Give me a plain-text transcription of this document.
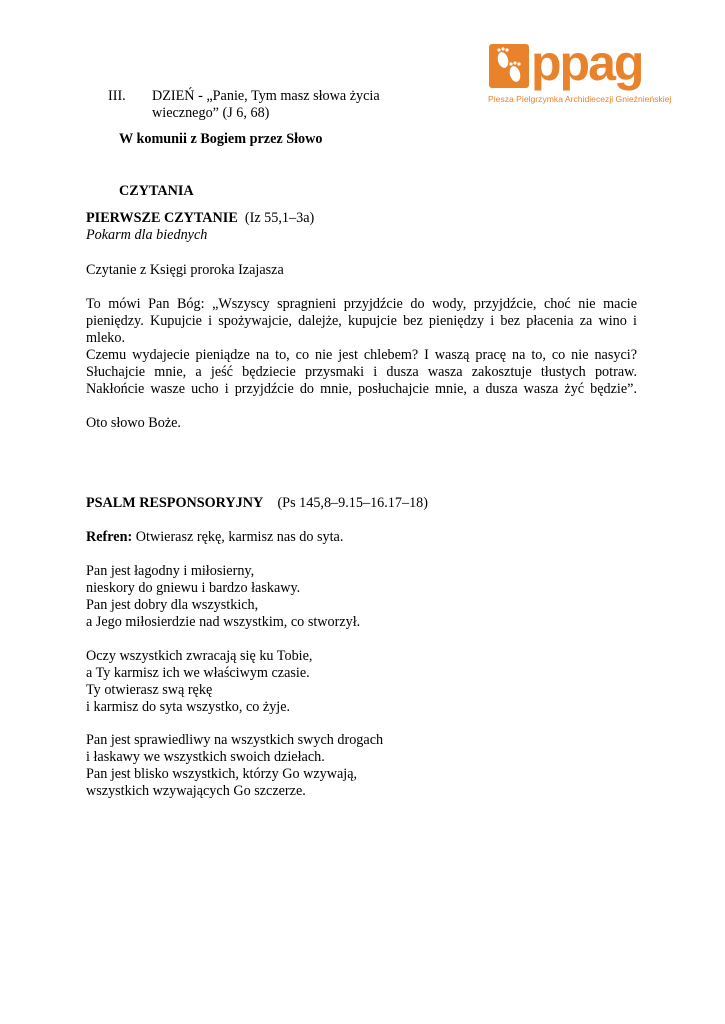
ppag
Piesza Pielgrzymka Archidiecezji Gnieźnieńskiej
III. DZIEŃ - „Panie, Tym masz słowa życia
wiecznego” (J 6, 68)
W komunii z Bogiem przez Słowo
CZYTANIA
PIERWSZE CZYTANIE (Iz 55,1–3a)
Pokarm dla biednych
Czytanie z Księgi proroka Izajasza
To mówi Pan Bóg: „Wszyscy spragnieni przyjdźcie do wody, przyjdźcie, choć nie macie
pieniędzy. Kupujcie i spożywajcie, dalejże, kupujcie bez pieniędzy i bez płacenia za wino i
mleko.
Czemu wydajecie pieniądze na to, co nie jest chlebem? I waszą pracę na to, co nie nasyci?
Słuchajcie mnie, a jeść będziecie przysmaki i dusza wasza zakosztuje tłustych potraw.
Nakłońcie wasze ucho i przyjdźcie do mnie, posłuchajcie mnie, a dusza wasza żyć będzie”.
Oto słowo Boże.
PSALM RESPONSORYJNY (Ps 145,8–9.15–16.17–18)
Refren: Otwierasz rękę, karmisz nas do syta.
Pan jest łagodny i miłosierny,
nieskory do gniewu i bardzo łaskawy.
Pan jest dobry dla wszystkich,
a Jego miłosierdzie nad wszystkim, co stworzył.
Oczy wszystkich zwracają się ku Tobie,
a Ty karmisz ich we właściwym czasie.
Ty otwierasz swą rękę
i karmisz do syta wszystko, co żyje.
Pan jest sprawiedliwy na wszystkich swych drogach
i łaskawy we wszystkich swoich dziełach.
Pan jest blisko wszystkich, którzy Go wzywają,
wszystkich wzywających Go szczerze.
